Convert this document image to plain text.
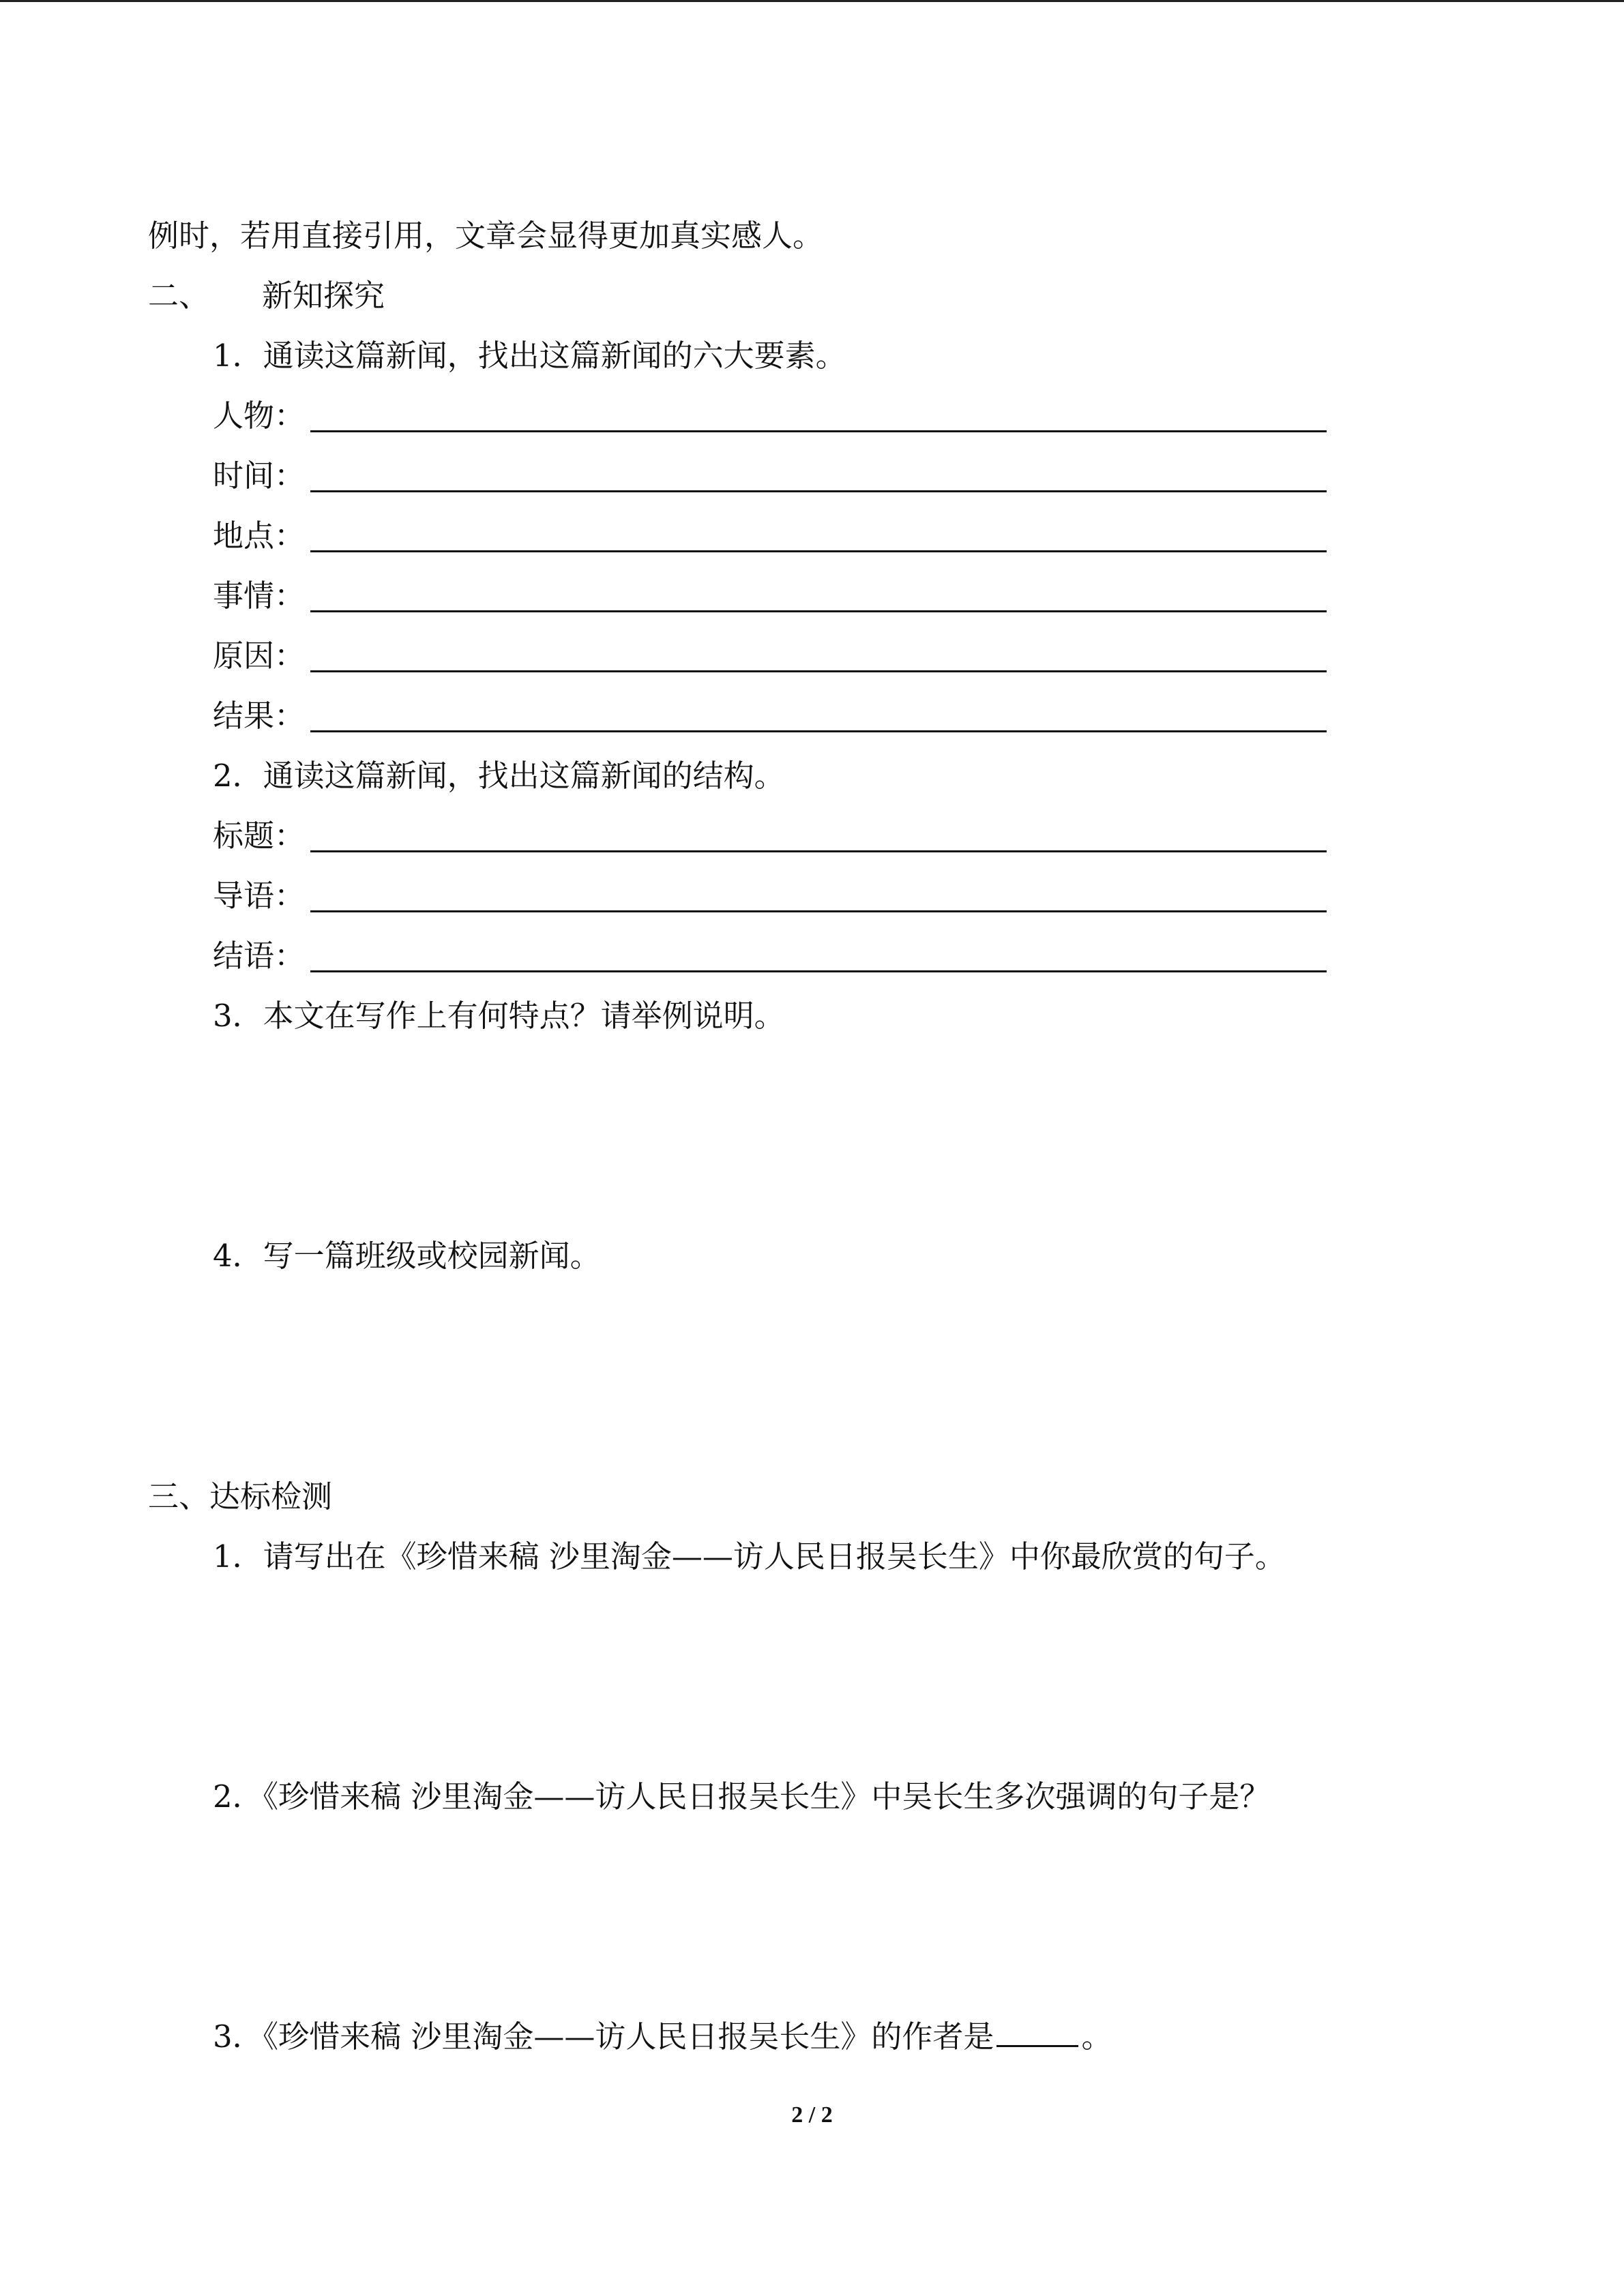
例时，若用直接引用，文章会显得更加真实感人。
二、 新知探究
1．通读这篇新闻，找出这篇新闻的六大要素。
人物：
时间：
地点：
事情：
原因：
结果：
2．通读这篇新闻，找出这篇新闻的结构。
标题：
导语：
结语：
3．本文在写作上有何特点？请举例说明。
4．写一篇班级或校园新闻。
三、达标检测
1．请写出在《珍惜来稿 沙里淘金——访人民日报吴长生》中你最欣赏的句子。
2．《珍惜来稿 沙里淘金——访人民日报吴长生》中吴长生多次强调的句子是？
3．《珍惜来稿 沙里淘金——访人民日报吴长生》的作者是	。
2 / 2
